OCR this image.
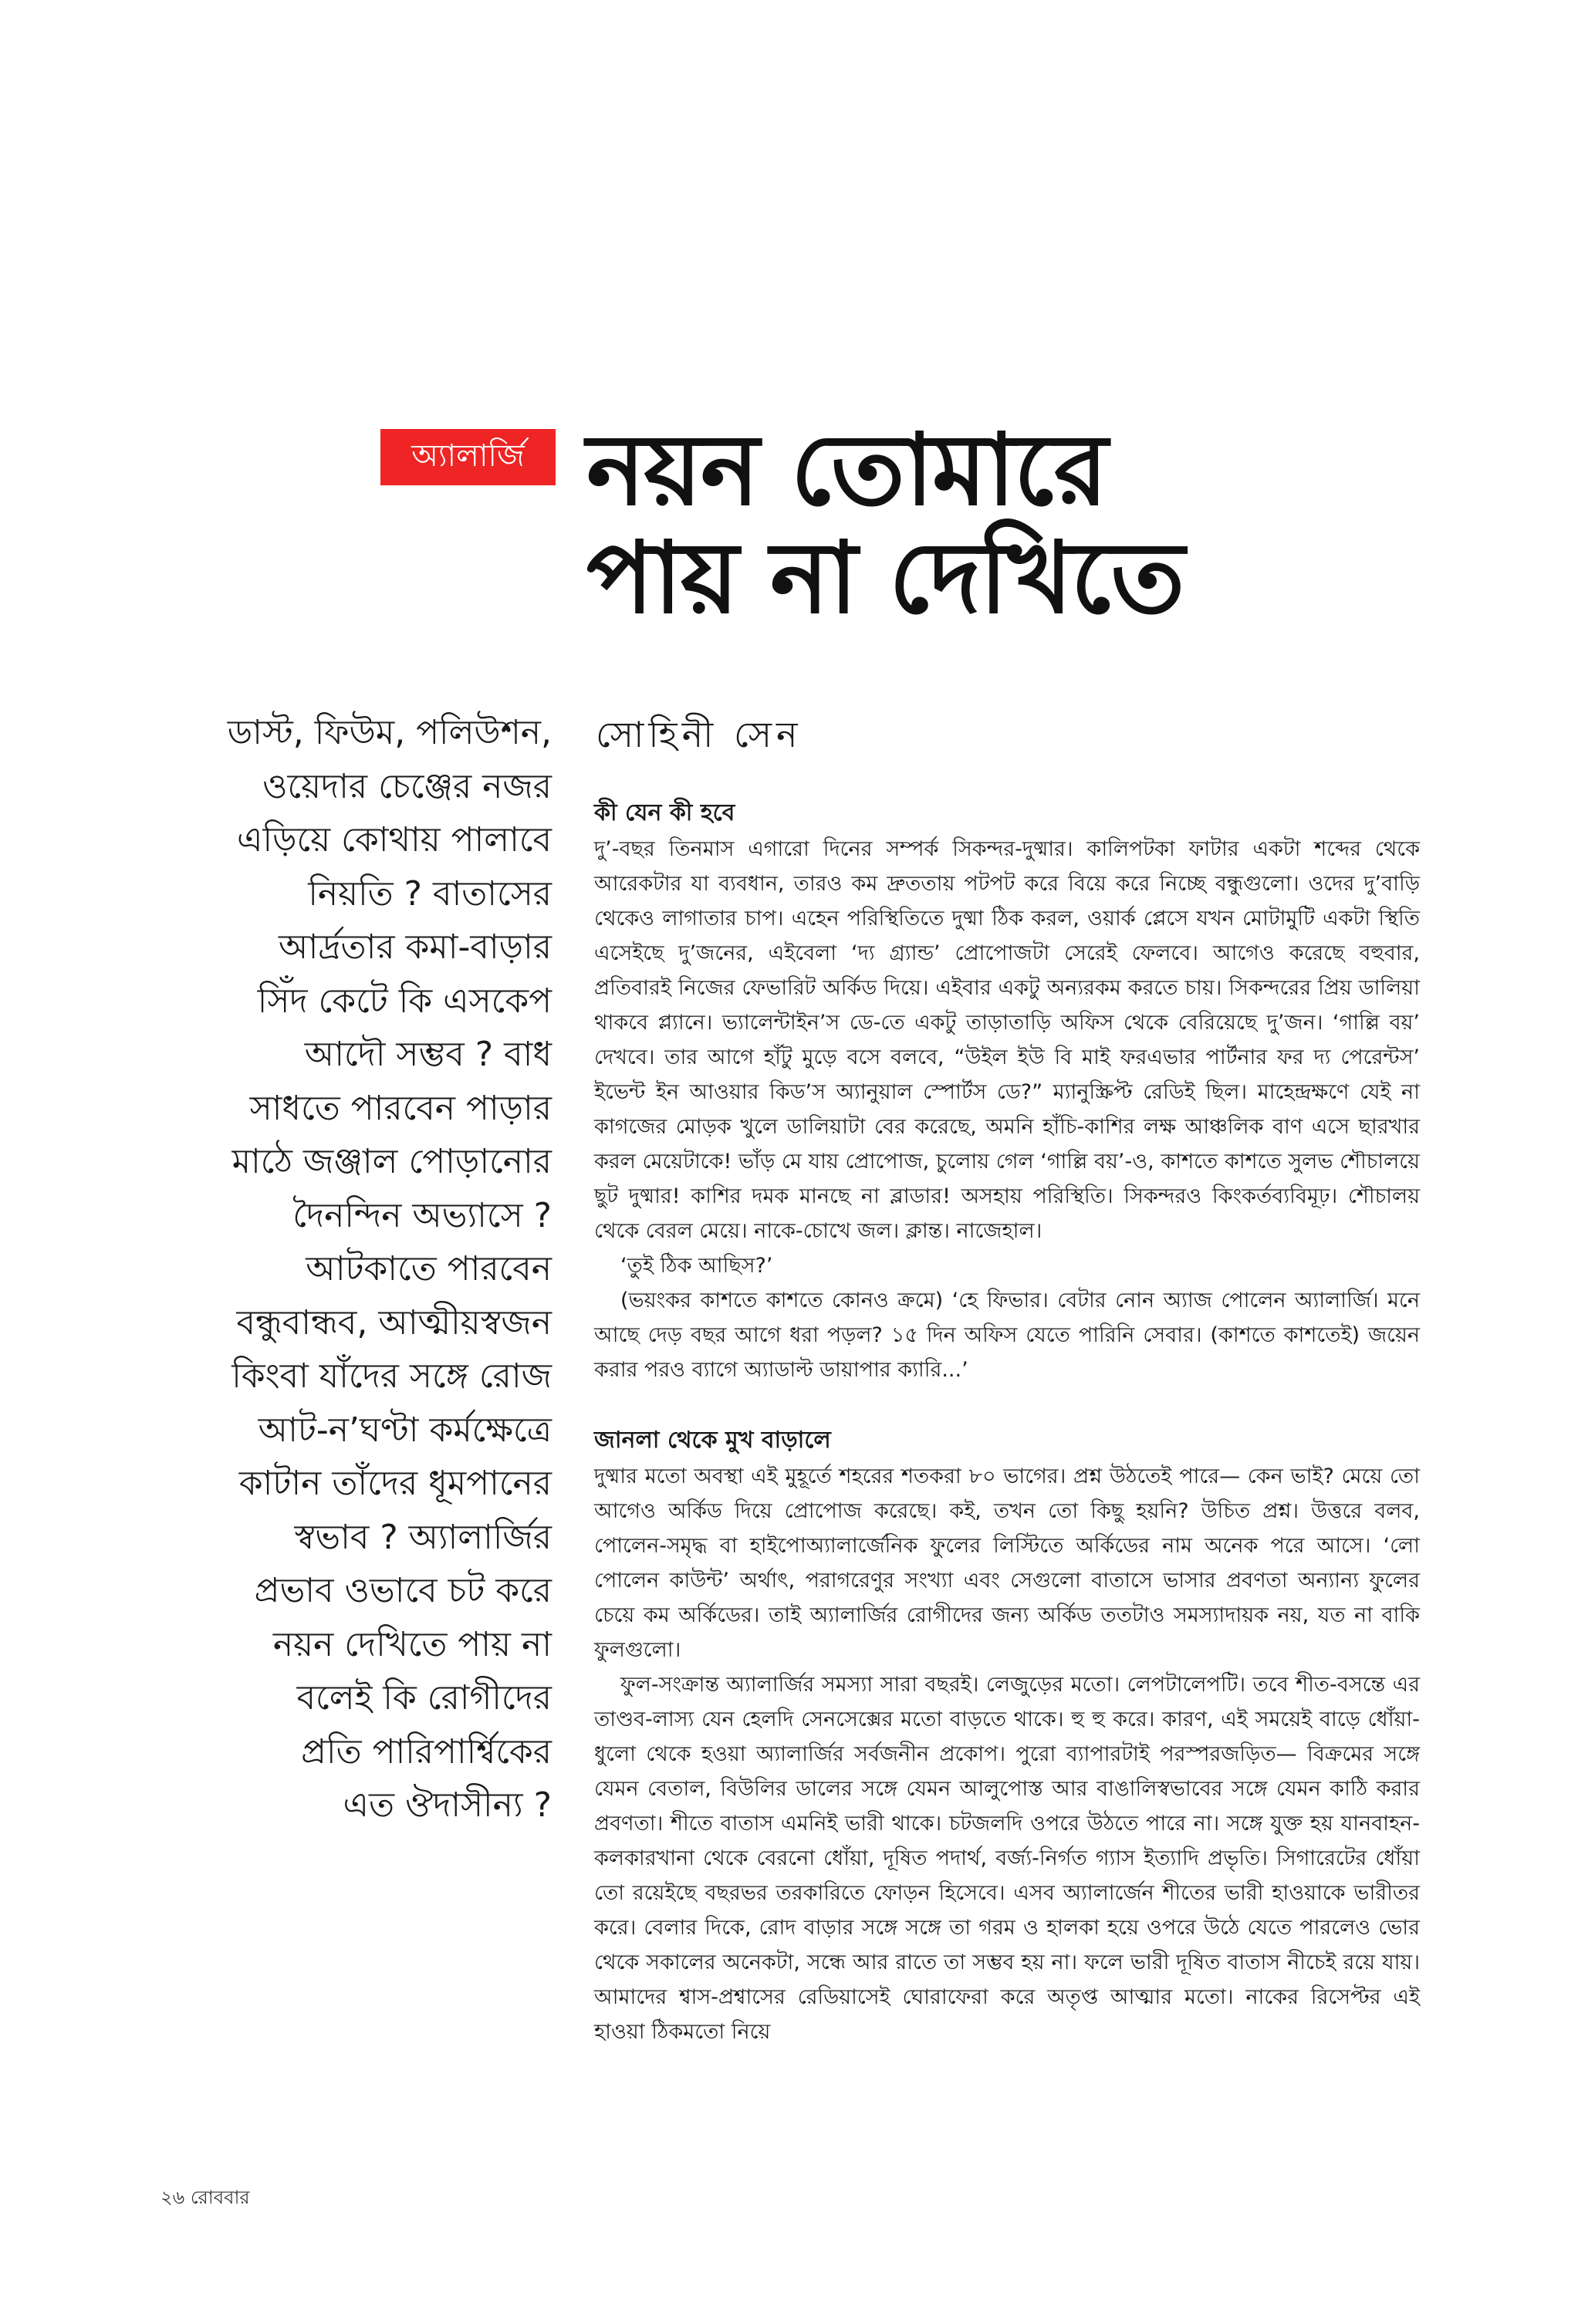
অ্যালার্জি নয়ন তোমারে
পায় না দেখিতে
ডাস্ট, ফিউম, পলিউশন,
ওয়েদার চেঞ্জের নজর
এড়িয়ে কোথায় পালাবে
নিয়তি ? বাতাসের
আর্দ্রতার কমা-বাড়ার
সিঁদ কেটে কি এসকেপ
আদৌ সম্ভব ? বাধ
সাধতে পারবেন পাড়ার
মাঠে জঞ্জাল পোড়ানোর
দৈনন্দিন অভ্যাসে ?
আটকাতে পারবেন
বন্ধুবান্ধব, আত্মীয়স্বজন
কিংবা যাঁদের সঙ্গে রোজ
আট-ন’ঘণ্টা কর্মক্ষেত্রে
কাটান তাঁদের ধূমপানের
স্বভাব ? অ্যালার্জির
প্রভাব ওভাবে চট করে
নয়ন দেখিতে পায় না
বলেই কি রোগীদের
প্রতি পারিপার্শ্বিকের
এত ঔদাসীন্য ?
সোহিনী সেন
কী যেন কী হবে

দু’-বছর তিনমাস এগারো দিনের সম্পর্ক সিকন্দর-দুষ্মার। কালিপটকা ফাটার একটা শব্দের থেকে আরেকটার যা ব্যবধান, তারও কম দ্রুততায় পটপট করে বিয়ে করে নিচ্ছে বন্ধুগুলো। ওদের দু’বাড়ি থেকেও লাগাতার চাপ। এহেন পরিস্থিতিতে দুষ্মা ঠিক করল, ওয়ার্ক প্লেসে যখন মোটামুটি একটা স্থিতি এসেইছে দু’জনের, এইবেলা ‘দ্য গ্র্যান্ড’ প্রোপোজটা সেরেই ফেলবে। আগেও করেছে বহুবার, প্রতিবারই নিজের ফেভারিট অর্কিড দিয়ে। এইবার একটু অন্যরকম করতে চায়। সিকন্দরের প্রিয় ডালিয়া থাকবে প্ল্যানে। ভ্যালেন্টাইন’স ডে-তে একটু তাড়াতাড়ি অফিস থেকে বেরিয়েছে দু’জন। ‘গাল্লি বয়’ দেখবে। তার আগে হাঁটু মুড়ে বসে বলবে, “উইল ইউ বি মাই ফরএভার পার্টনার ফর দ্য পেরেন্টস’ ইভেন্ট ইন আওয়ার কিড’স অ্যানুয়াল স্পোর্টস ডে?” ম্যানুস্ক্রিপ্ট রেডিই ছিল। মাহেন্দ্রক্ষণে যেই না কাগজের মোড়ক খুলে ডালিয়াটা বের করেছে, অমনি হাঁচি-কাশির লক্ষ আঞ্চলিক বাণ এসে ছারখার করল মেয়েটাকে! ভাঁড় মে যায় প্রোপোজ, চুলোয় গেল ‘গাল্লি বয়’-ও, কাশতে কাশতে সুলভ শৌচালয়ে ছুট দুষ্মার! কাশির দমক মানছে না ব্লাডার! অসহায় পরিস্থিতি। সিকন্দরও কিংকর্তব্যবিমূঢ়। শৌচালয় থেকে বেরল মেয়ে। নাকে-চোখে জল। ক্লান্ত। নাজেহাল।

‘তুই ঠিক আছিস?’

(ভয়ংকর কাশতে কাশতে কোনও ক্রমে) ‘হে ফিভার। বেটার নোন অ্যাজ পোলেন অ্যালার্জি। মনে আছে দেড় বছর আগে ধরা পড়ল? ১৫ দিন অফিস যেতে পারিনি সেবার। (কাশতে কাশতেই) জয়েন করার পরও ব্যাগে অ্যাডাল্ট ডায়াপার ক্যারি...’

জানলা থেকে মুখ বাড়ালে

দুষ্মার মতো অবস্থা এই মুহূর্তে শহরের শতকরা ৮০ ভাগের। প্রশ্ন উঠতেই পারে— কেন ভাই? মেয়ে তো আগেও অর্কিড দিয়ে প্রোপোজ করেছে। কই, তখন তো কিছু হয়নি? উচিত প্রশ্ন। উত্তরে বলব, পোলেন-সমৃদ্ধ বা হাইপোঅ্যালার্জেনিক ফুলের লিস্টিতে অর্কিডের নাম অনেক পরে আসে। ‘লো পোলেন কাউন্ট’ অর্থাৎ, পরাগরেণুর সংখ্যা এবং সেগুলো বাতাসে ভাসার প্রবণতা অন্যান্য ফুলের চেয়ে কম অর্কিডের। তাই অ্যালার্জির রোগীদের জন্য অর্কিড ততটাও সমস্যাদায়ক নয়, যত না বাকি ফুলগুলো।

ফুল-সংক্রান্ত অ্যালার্জির সমস্যা সারা বছরই। লেজুড়ের মতো। লেপটালেপটি। তবে শীত-বসন্তে এর তাণ্ডব-লাস্য যেন হেলদি সেনসেক্সের মতো বাড়তে থাকে। হু হু করে। কারণ, এই সময়েই বাড়ে ধোঁয়া-ধুলো থেকে হওয়া অ্যালার্জির সর্বজনীন প্রকোপ। পুরো ব্যাপারটাই পরস্পরজড়িত— বিক্রমের সঙ্গে যেমন বেতাল, বিউলির ডালের সঙ্গে যেমন আলুপোস্ত আর বাঙালিস্বভাবের সঙ্গে যেমন কাঠি করার প্রবণতা। শীতে বাতাস এমনিই ভারী থাকে। চটজলদি ওপরে উঠতে পারে না। সঙ্গে যুক্ত হয় যানবাহন-কলকারখানা থেকে বেরনো ধোঁয়া, দূষিত পদার্থ, বর্জ্য-নির্গত গ্যাস ইত্যাদি প্রভৃতি। সিগারেটের ধোঁয়া তো রয়েইছে বছরভর তরকারিতে ফোড়ন হিসেবে। এসব অ্যালার্জেন শীতের ভারী হাওয়াকে ভারীতর করে। বেলার দিকে, রোদ বাড়ার সঙ্গে সঙ্গে তা গরম ও হালকা হয়ে ওপরে উঠে যেতে পারলেও ভোর থেকে সকালের অনেকটা, সন্ধে আর রাতে তা সম্ভব হয় না। ফলে ভারী দূষিত বাতাস নীচেই রয়ে যায়। আমাদের শ্বাস-প্রশ্বাসের রেডিয়াসেই ঘোরাফেরা করে অতৃপ্ত আত্মার মতো। নাকের রিসেপ্টর এই হাওয়া ঠিকমতো নিয়ে

২৬ রোববার
